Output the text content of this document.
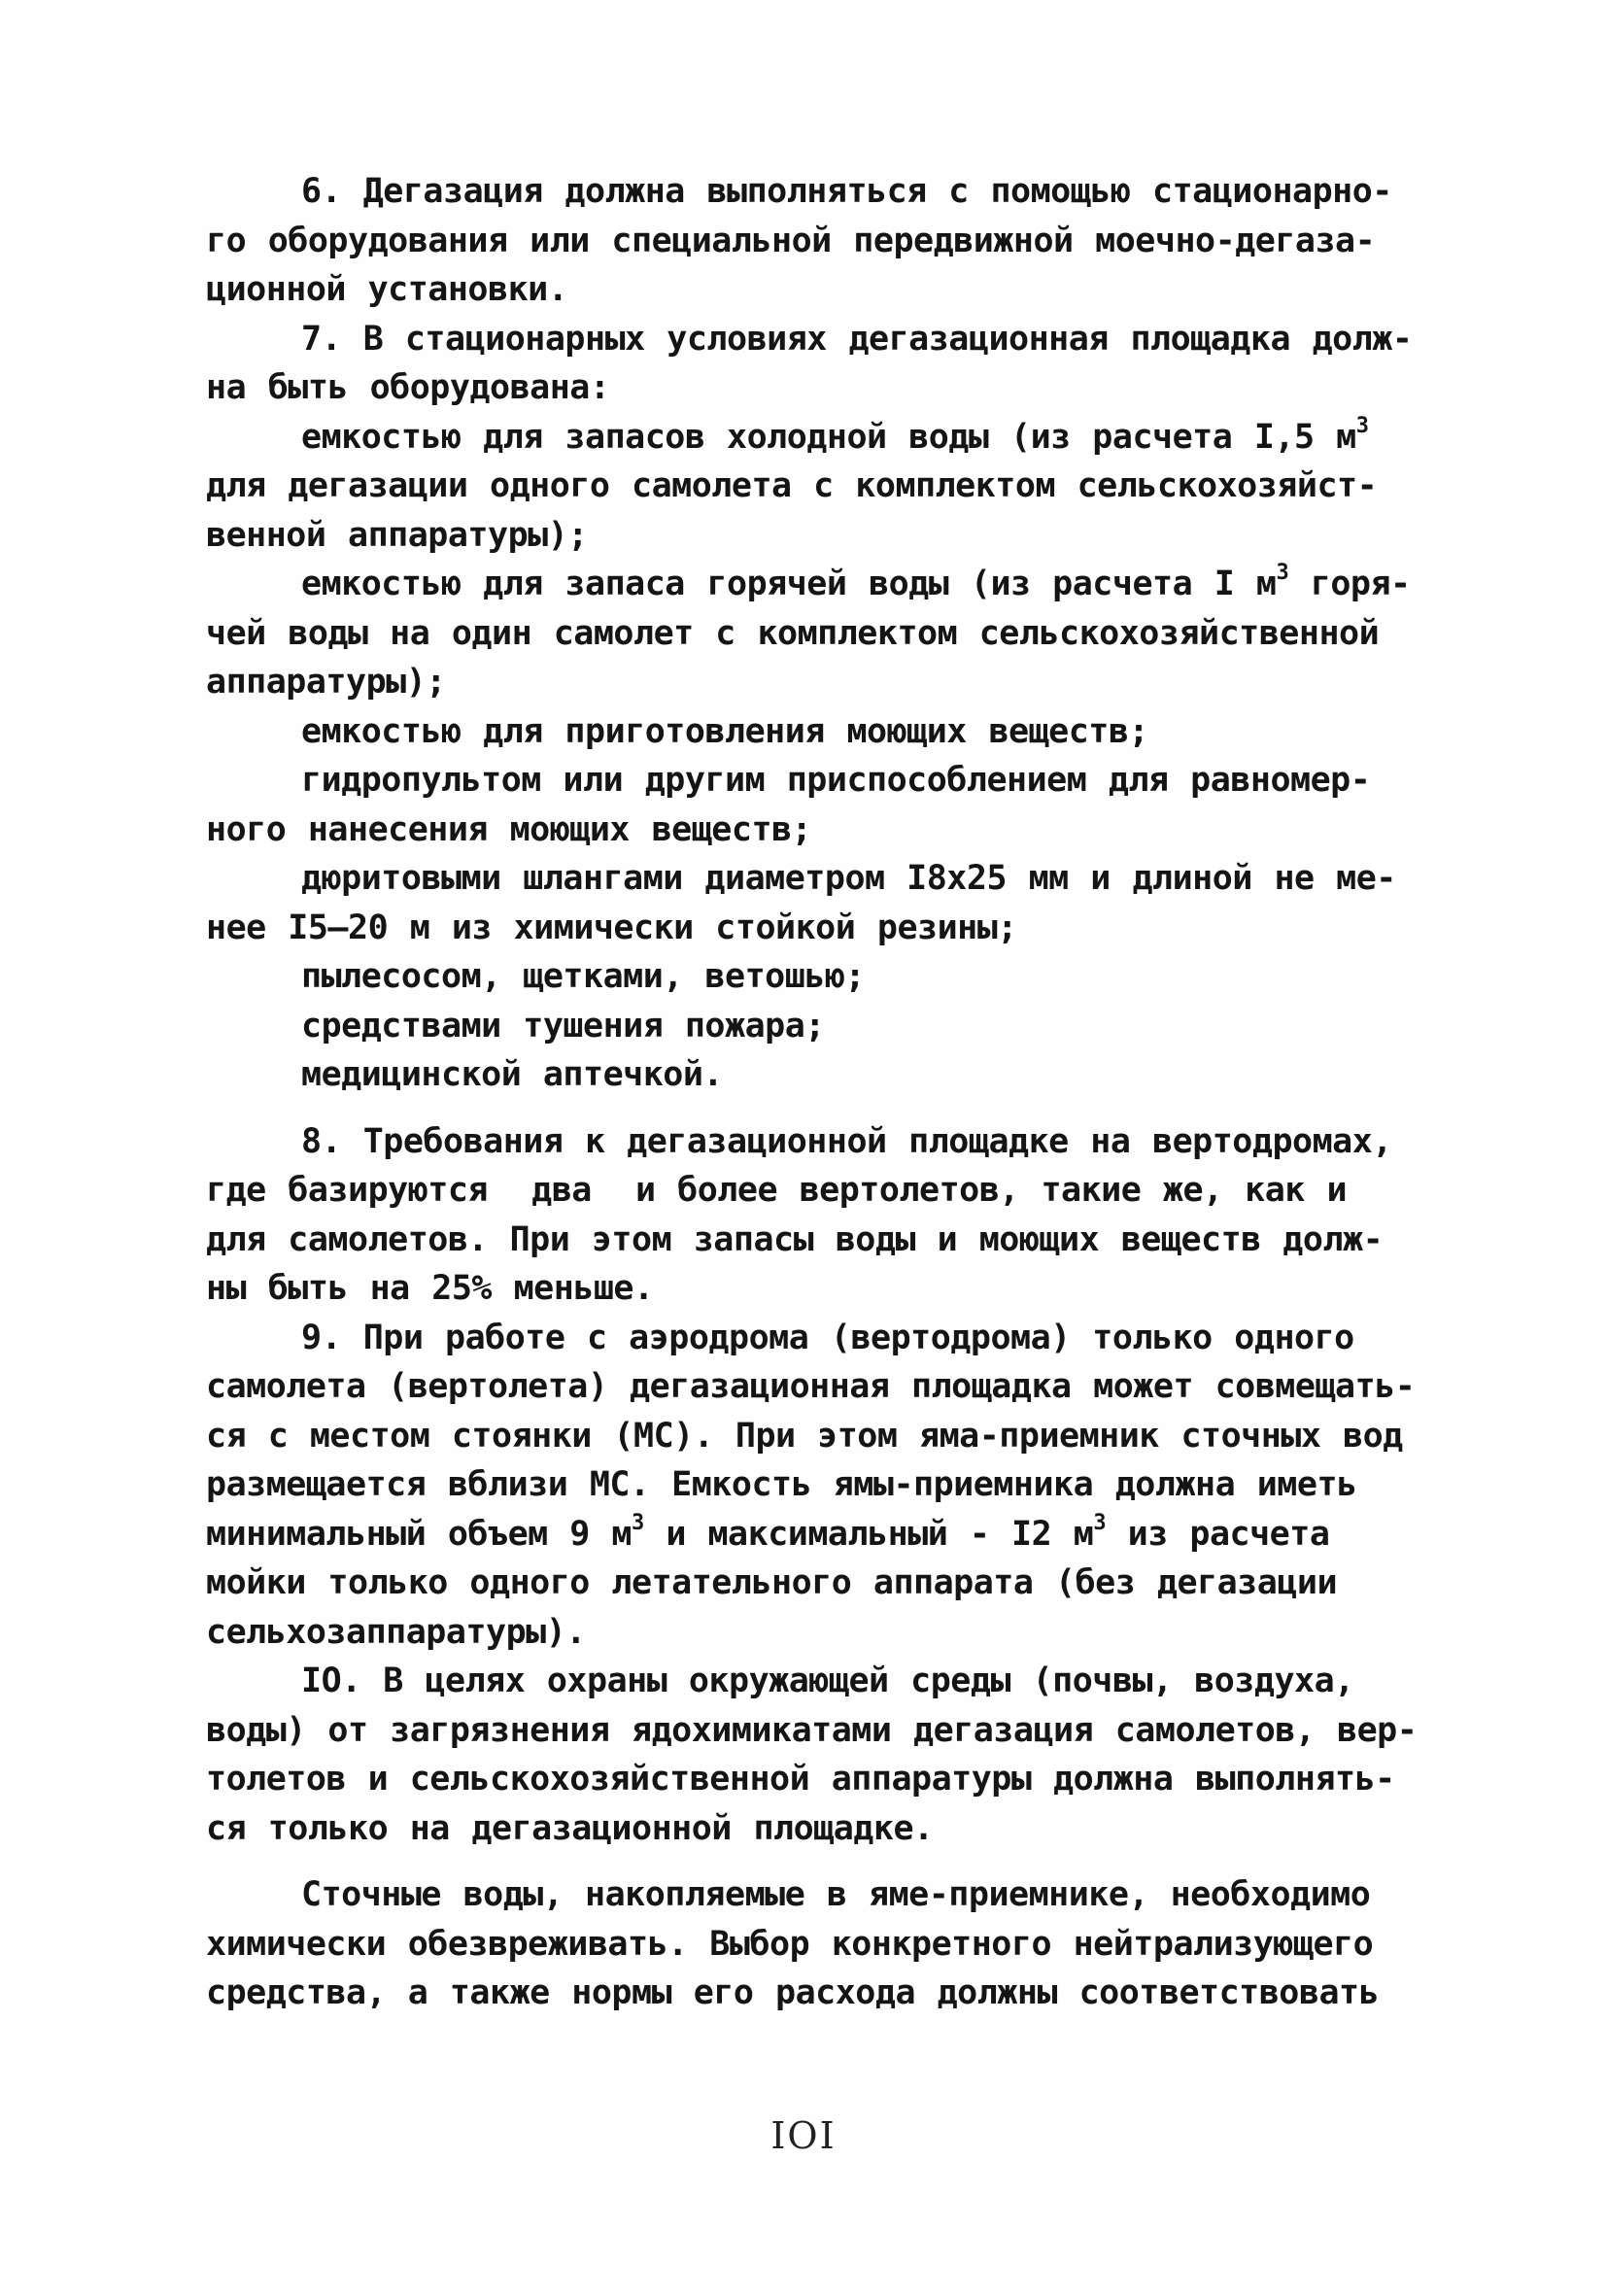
6. Дегазация должна выполняться с помощью стационарно-
го оборудования или специальной передвижной моечно-дегаза-
ционной установки.
7. В стационарных условиях дегазационная площадка долж-
на быть оборудована:
емкостью для запасов холодной воды (из расчета I,5 $м^3$
для дегазации одного самолета с комплектом сельскохозяйст-
венной аппаратуры);
емкостью для запаса горячей воды (из расчета I $м^3$ горя-
чей воды на один самолет с комплектом сельскохозяйственной
аппаратуры);
емкостью для приготовления моющих веществ;
гидропультом или другим приспособлением для равномер-
ного нанесения моющих веществ;
дюритовыми шлангами диаметром I8х25 мм и длиной не ме-
нее I5–20 м из химически стойкой резины;
пылесосом, щетками, ветошью;
средствами тушения пожара;
медицинской аптечкой.
8. Требования к дегазационной площадке на вертодромах,
где базируются  два  и более вертолетов, такие же, как и
для самолетов. При этом запасы воды и моющих веществ долж-
ны быть на 25% меньше.
9. При работе с аэродрома (вертодрома) только одного
самолета (вертолета) дегазационная площадка может совмещать-
ся с местом стоянки (МС). При этом яма-приемник сточных вод
размещается вблизи МС. Емкость ямы-приемника должна иметь
минимальный объем 9 $м^3$ и максимальный - I2 $м^3$ из расчета
мойки только одного летательного аппарата (без дегазации
сельхозаппаратуры).
IO. В целях охраны окружающей среды (почвы, воздуха,
воды) от загрязнения ядохимикатами дегазация самолетов, вер-
толетов и сельскохозяйственной аппаратуры должна выполнять-
ся только на дегазационной площадке.
Сточные воды, накопляемые в яме-приемнике, необходимо
химически обезвреживать. Выбор конкретного нейтрализующего
средства, а также нормы его расхода должны соответствовать
IOI
